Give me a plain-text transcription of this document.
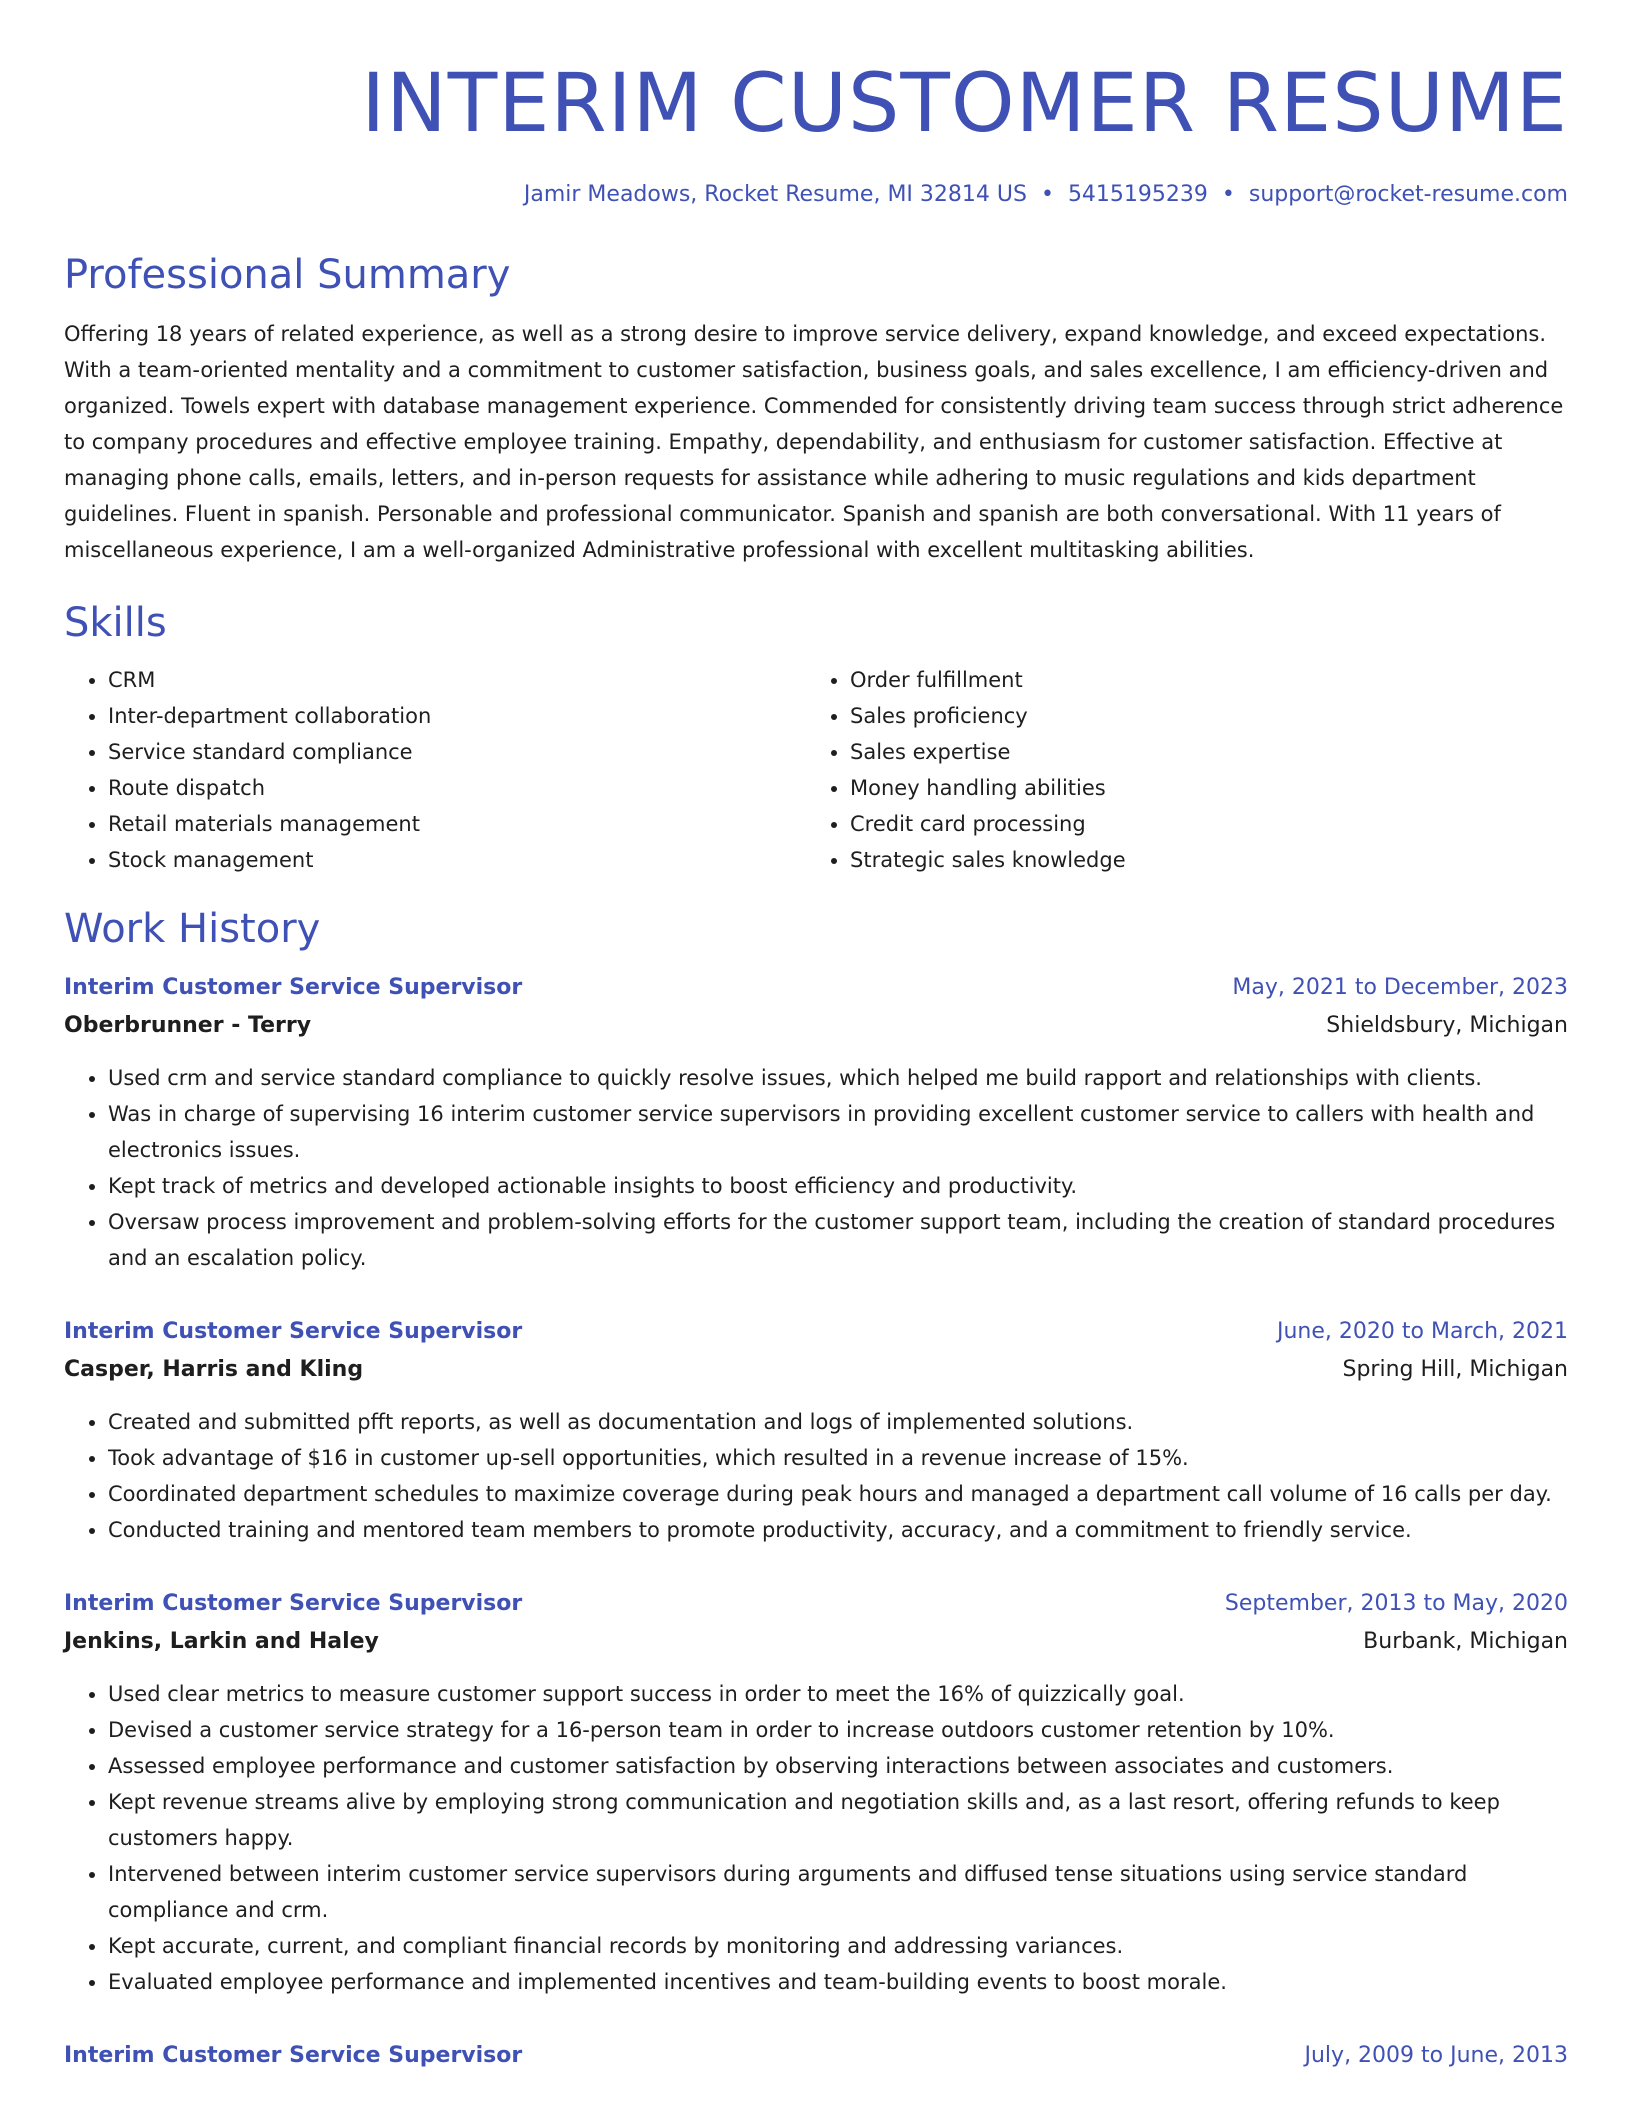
INTERIM CUSTOMER RESUME
Jamir Meadows, Rocket Resume, MI 32814 US • 5415195239 • support@rocket-resume.com
Professional Summary

Offering 18 years of related experience, as well as a strong desire to improve service delivery, expand knowledge, and exceed expectations. With a team-oriented mentality and a commitment to customer satisfaction, business goals, and sales excellence, I am efficiency-driven and organized. Towels expert with database management experience. Commended for consistently driving team success through strict adherence to company procedures and effective employee training. Empathy, dependability, and enthusiasm for customer satisfaction. Effective at managing phone calls, emails, letters, and in-person requests for assistance while adhering to music regulations and kids department guidelines. Fluent in spanish. Personable and professional communicator. Spanish and spanish are both conversational. With 11 years of miscellaneous experience, I am a well-organized Administrative professional with excellent multitasking abilities.

Skills
• CRM
• Inter-department collaboration
• Service standard compliance
• Route dispatch
• Retail materials management
• Stock management
• Order fulfillment
• Sales proficiency
• Sales expertise
• Money handling abilities
• Credit card processing
• Strategic sales knowledge
Work History
Interim Customer Service Supervisor	May, 2021 to December, 2023
Oberbrunner - Terry	Shieldsbury, Michigan
• Used crm and service standard compliance to quickly resolve issues, which helped me build rapport and relationships with clients.
• Was in charge of supervising 16 interim customer service supervisors in providing excellent customer service to callers with health and electronics issues.
• Kept track of metrics and developed actionable insights to boost efficiency and productivity.
• Oversaw process improvement and problem-solving efforts for the customer support team, including the creation of standard procedures and an escalation policy.
Interim Customer Service Supervisor	June, 2020 to March, 2021
Casper, Harris and Kling	Spring Hill, Michigan
• Created and submitted pfft reports, as well as documentation and logs of implemented solutions.
• Took advantage of $16 in customer up-sell opportunities, which resulted in a revenue increase of 15%.
• Coordinated department schedules to maximize coverage during peak hours and managed a department call volume of 16 calls per day.
• Conducted training and mentored team members to promote productivity, accuracy, and a commitment to friendly service.
Interim Customer Service Supervisor	September, 2013 to May, 2020
Jenkins, Larkin and Haley	Burbank, Michigan
• Used clear metrics to measure customer support success in order to meet the 16% of quizzically goal.
• Devised a customer service strategy for a 16-person team in order to increase outdoors customer retention by 10%.
• Assessed employee performance and customer satisfaction by observing interactions between associates and customers.
• Kept revenue streams alive by employing strong communication and negotiation skills and, as a last resort, offering refunds to keep customers happy.
• Intervened between interim customer service supervisors during arguments and diffused tense situations using service standard compliance and crm.
• Kept accurate, current, and compliant financial records by monitoring and addressing variances.
• Evaluated employee performance and implemented incentives and team-building events to boost morale.
Interim Customer Service Supervisor	July, 2009 to June, 2013
